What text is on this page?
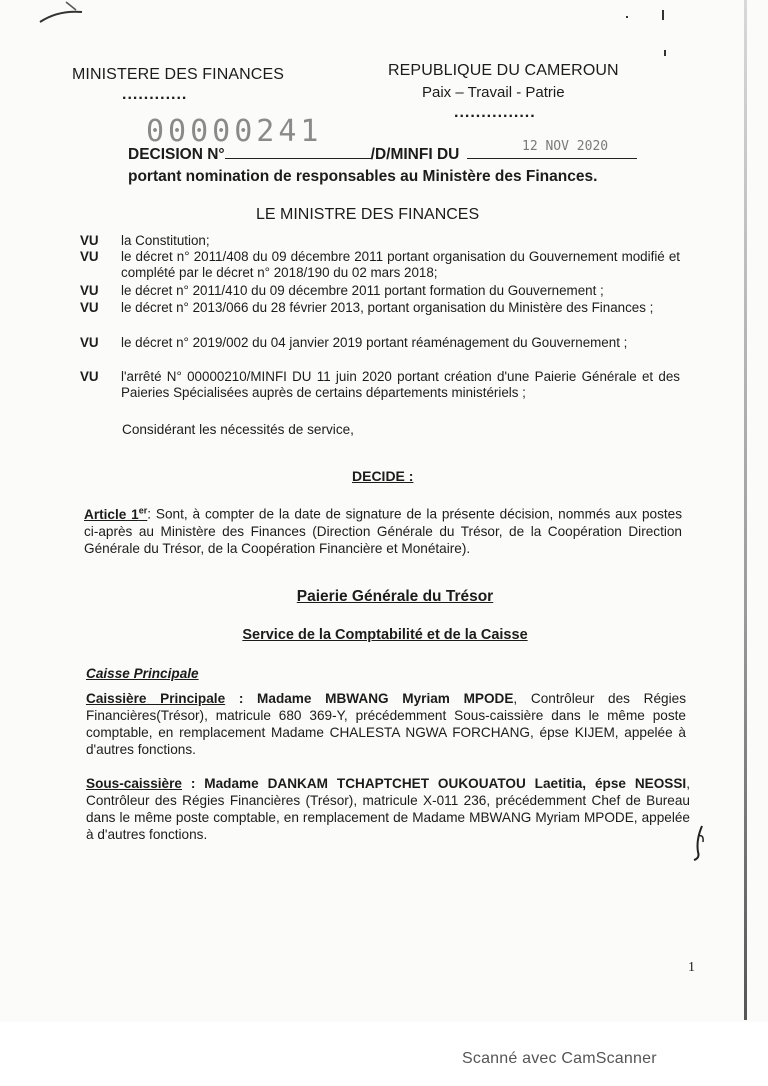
MINISTERE DES FINANCES
............
REPUBLIQUE DU CAMEROUN
Paix – Travail - Patrie
...............
00000241	12 NOV 2020
DECISION N°	/D/MINFI DU
portant nomination de responsables au Ministère des Finances.
LE MINISTRE DES FINANCES
VU la Constitution;
VU le décret n° 2011/408 du 09 décembre 2011 portant organisation du Gouvernement modifié et complété par le décret n° 2018/190 du 02 mars 2018;
VU le décret n° 2011/410 du 09 décembre 2011 portant formation du Gouvernement ;
VU le décret n° 2013/066 du 28 février 2013, portant organisation du Ministère des Finances ;
VU le décret n° 2019/002 du 04 janvier 2019 portant réaménagement du Gouvernement ;
VU l'arrêté N° 00000210/MINFI DU 11 juin 2020 portant création d'une Paierie Générale et des Paieries Spécialisées auprès de certains départements ministériels ;
Considérant les nécessités de service,
DECIDE :
Article 1er: Sont, à compter de la date de signature de la présente décision, nommés aux postes ci-après au Ministère des Finances (Direction Générale du Trésor, de la Coopération Direction Générale du Trésor, de la Coopération Financière et Monétaire).
Paierie Générale du Trésor
Service de la Comptabilité et de la Caisse
Caisse Principale
Caissière Principale : Madame MBWANG Myriam MPODE, Contrôleur des Régies Financières(Trésor), matricule 680 369-Y, précédemment Sous-caissière dans le même poste comptable, en remplacement Madame CHALESTA NGWA FORCHANG, épse KIJEM, appelée à d'autres fonctions.
Sous-caissière : Madame DANKAM TCHAPTCHET OUKOUATOU Laetitia, épse NEOSSI, Contrôleur des Régies Financières (Trésor), matricule X-011 236, précédemment Chef de Bureau dans le même poste comptable, en remplacement de Madame MBWANG Myriam MPODE, appelée à d'autres fonctions.
1
Scanné avec CamScanner
